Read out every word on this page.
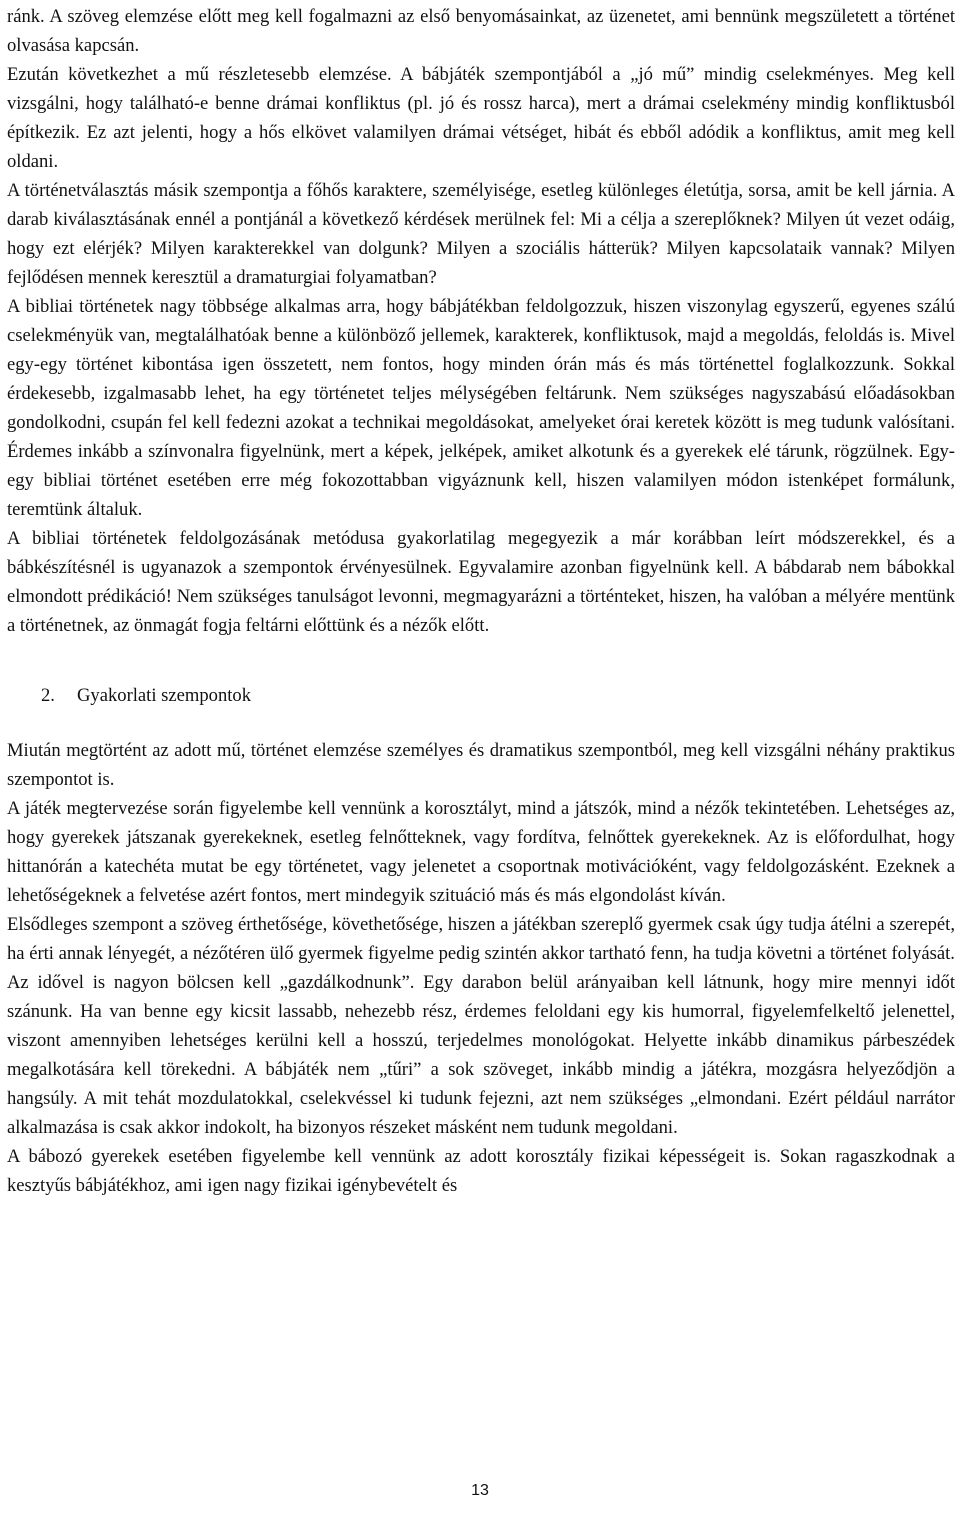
ránk. A szöveg elemzése előtt meg kell fogalmazni az első benyomásainkat, az üzenetet, ami bennünk megszületett a történet olvasása kapcsán.

Ezután következhet a mű részletesebb elemzése. A bábjáték szempontjából a „jó mű” mindig cselekményes. Meg kell vizsgálni, hogy található-e benne drámai konfliktus (pl. jó és rossz harca), mert a drámai cselekmény mindig konfliktusból építkezik. Ez azt jelenti, hogy a hős elkövet valamilyen drámai vétséget, hibát és ebből adódik a konfliktus, amit meg kell oldani.

A történetválasztás másik szempontja a főhős karaktere, személyisége, esetleg különleges életútja, sorsa, amit be kell járnia. A darab kiválasztásának ennél a pontjánál a következő kérdések merülnek fel: Mi a célja a szereplőknek? Milyen út vezet odáig, hogy ezt elérjék? Milyen karakterekkel van dolgunk? Milyen a szociális hátterük? Milyen kapcsolataik vannak? Milyen fejlődésen mennek keresztül a dramaturgiai folyamatban?

A bibliai történetek nagy többsége alkalmas arra, hogy bábjátékban feldolgozzuk, hiszen viszonylag egyszerű, egyenes szálú cselekményük van, megtalálhatóak benne a különböző jellemek, karakterek, konfliktusok, majd a megoldás, feloldás is. Mivel egy-egy történet kibontása igen összetett, nem fontos, hogy minden órán más és más történettel foglalkozzunk. Sokkal érdekesebb, izgalmasabb lehet, ha egy történetet teljes mélységében feltárunk. Nem szükséges nagyszabású előadásokban gondolkodni, csupán fel kell fedezni azokat a technikai megoldásokat, amelyeket órai keretek között is meg tudunk valósítani. Érdemes inkább a színvonalra figyelnünk, mert a képek, jelképek, amiket alkotunk és a gyerekek elé tárunk, rögzülnek. Egy-egy bibliai történet esetében erre még fokozottabban vigyáznunk kell, hiszen valamilyen módon istenképet formálunk, teremtünk általuk.

A bibliai történetek feldolgozásának metódusa gyakorlatilag megegyezik a már korábban leírt módszerekkel, és a bábkészítésnél is ugyanazok a szempontok érvényesülnek. Egyvalamire azonban figyelnünk kell. A bábdarab nem bábokkal elmondott prédikáció! Nem szükséges tanulságot levonni, megmagyarázni a történteket, hiszen, ha valóban a mélyére mentünk a történetnek, az önmagát fogja feltárni előttünk és a nézők előtt.

2.	Gyakorlati szempontok

Miután megtörtént az adott mű, történet elemzése személyes és dramatikus szempontból, meg kell vizsgálni néhány praktikus szempontot is.

A játék megtervezése során figyelembe kell vennünk a korosztályt, mind a játszók, mind a nézők tekintetében. Lehetséges az, hogy gyerekek játszanak gyerekeknek, esetleg felnőtteknek, vagy fordítva, felnőttek gyerekeknek. Az is előfordulhat, hogy hittanórán a katechéta mutat be egy történetet, vagy jelenetet a csoportnak motivációként, vagy feldolgozásként. Ezeknek a lehetőségeknek a felvetése azért fontos, mert mindegyik szituáció más és más elgondolást kíván.

Elsődleges szempont a szöveg érthetősége, követhetősége, hiszen a játékban szereplő gyermek csak úgy tudja átélni a szerepét, ha érti annak lényegét, a nézőtéren ülő gyermek figyelme pedig szintén akkor tartható fenn, ha tudja követni a történet folyását.

Az idővel is nagyon bölcsen kell „gazdálkodnunk”. Egy darabon belül arányaiban kell látnunk, hogy mire mennyi időt szánunk. Ha van benne egy kicsit lassabb, nehezebb rész, érdemes feloldani egy kis humorral, figyelemfelkeltő jelenettel, viszont amennyiben lehetséges kerülni kell a hosszú, terjedelmes monológokat. Helyette inkább dinamikus párbeszédek megalkotására kell törekedni. A bábjáték nem „tűri” a sok szöveget, inkább mindig a játékra, mozgásra helyeződjön a hangsúly. A mit tehát mozdulatokkal, cselekvéssel ki tudunk fejezni, azt nem szükséges „elmondani. Ezért például narrátor alkalmazása is csak akkor indokolt, ha bizonyos részeket másként nem tudunk megoldani.

A bábozó gyerekek esetében figyelembe kell vennünk az adott korosztály fizikai képességeit is. Sokan ragaszkodnak a kesztyűs bábjátékhoz, ami igen nagy fizikai igénybevételt és

13
